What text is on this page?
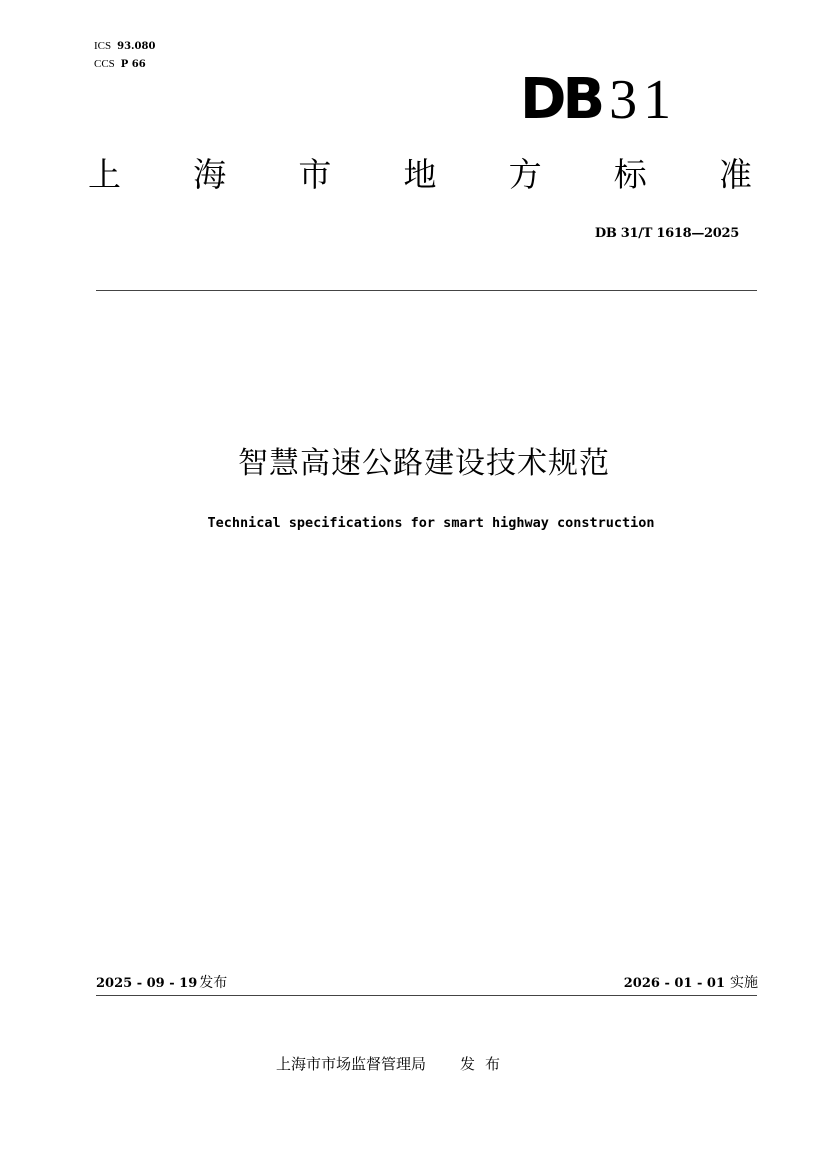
ICS 93.080
CCS P 66
DB 31
上 海 市 地 方 标 准
DB 31/T 1618—2025
智慧高速公路建设技术规范
Technical specifications for smart highway construction
2025 - 09 - 19 发布	2026 - 01 - 01 实施
上海市市场监督管理局 发布
